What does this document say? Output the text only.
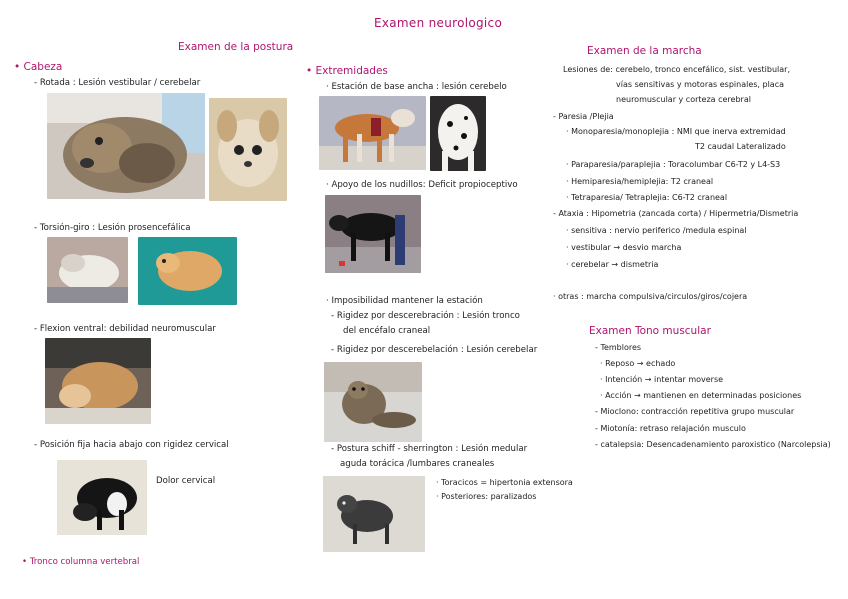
Examen neurologico
Examen de la postura
• Cabeza
- Rotada : Lesión vestibular / cerebelar
- Torsión-giro : Lesión prosencefálica
- Flexion ventral: debilidad neuromuscular
- Posición fija hacia abajo con rigidez cervical
Dolor cervical
• Tronco columna vertebral
• Extremidades
· Estación de base ancha : lesión cerebelo
· Apoyo de los nudillos: Deficit propioceptivo
· Imposibilidad mantener la estación
- Rigidez por descerebración : Lesión tronco
del encéfalo craneal
- Rigidez por descerebelación : Lesión cerebelar
- Postura schiff - sherrington : Lesión medular
aguda torácica /lumbares craneales
· Toracicos = hipertonia extensora
· Posteriores: paralizados
Examen de la marcha
Lesiones de: cerebelo, tronco encefálico, sist. vestibular,
vías sensitivas y motoras espinales, placa
neuromuscular y corteza cerebral
- Paresia /Plejia
· Monoparesia/monoplejia : NMI que inerva extremidad
T2 caudal Lateralizado
· Paraparesia/paraplejia : Toracolumbar C6-T2 y L4-S3
· Hemiparesia/hemiplejia: T2 craneal
· Tetraparesia/ Tetraplejia: C6-T2 craneal
- Ataxia : Hipometria (zancada corta) / Hipermetria/Dismetria
· sensitiva : nervio periferico /medula espinal
· vestibular → desvio marcha
· cerebelar → dismetria
· otras : marcha compulsiva/circulos/giros/cojera
Examen Tono muscular
- Temblores
· Reposo → echado
· Intención → intentar moverse
· Acción → mantienen en determinadas posiciones
- Mioclono: contracción repetitiva grupo muscular
- Miotonía: retraso relajación musculo
- catalepsia: Desencadenamiento paroxistico (Narcolepsia)
